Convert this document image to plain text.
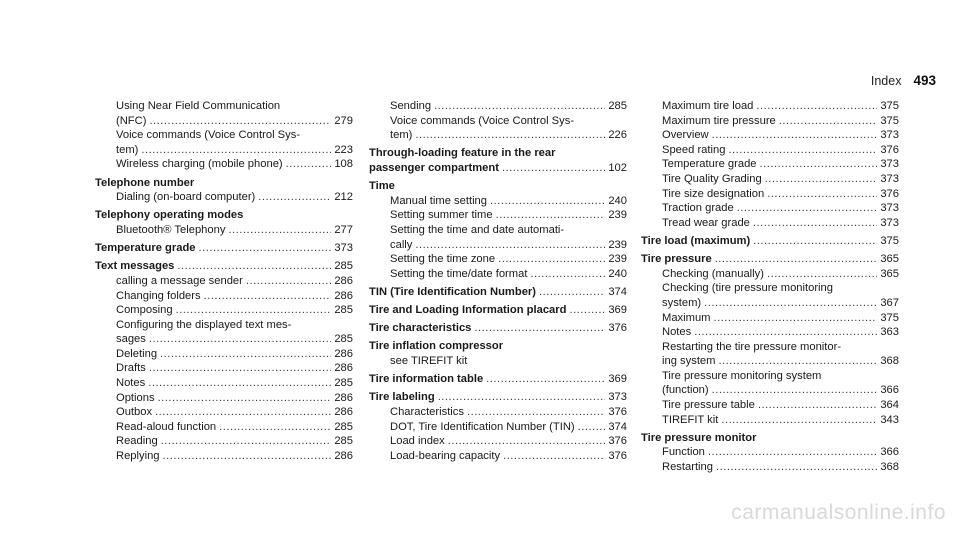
Index 493
Using Near Field Communication
(NFC) .....	279
Voice commands (Voice Control Sys-
tem) .....	223
Wireless charging (mobile phone) .....	108
Telephone number
Dialing (on-board computer) .....	212
Telephony operating modes
Bluetooth® Telephony .....	277
Temperature grade .....	373
Text messages .....	285
calling a message sender .....	286
Changing folders .....	286
Composing .....	285
Configuring the displayed text mes-
sages .....	285
Deleting .....	286
Drafts .....	286
Notes .....	285
Options .....	286
Outbox .....	286
Read-aloud function .....	285
Reading .....	285
Replying .....	286
Sending .....	285
Voice commands (Voice Control Sys-
tem) .....	226
Through-loading feature in the rear
passenger compartment .....	102
Time
Manual time setting .....	240
Setting summer time .....	239
Setting the time and date automati-
cally .....	239
Setting the time zone .....	239
Setting the time/date format .....	240
TIN (Tire Identification Number) .....	374
Tire and Loading Information placard .....	369
Tire characteristics .....	376
Tire inflation compressor
see TIREFIT kit
Tire information table .....	369
Tire labeling .....	373
Characteristics .....	376
DOT, Tire Identification Number (TIN) .....	374
Load index .....	376
Load-bearing capacity .....	376
Maximum tire load .....	375
Maximum tire pressure .....	375
Overview .....	373
Speed rating .....	376
Temperature grade .....	373
Tire Quality Grading .....	373
Tire size designation .....	376
Traction grade .....	373
Tread wear grade .....	373
Tire load (maximum) .....	375
Tire pressure .....	365
Checking (manually) .....	365
Checking (tire pressure monitoring
system) .....	367
Maximum .....	375
Notes .....	363
Restarting the tire pressure monitor-
ing system .....	368
Tire pressure monitoring system
(function) .....	366
Tire pressure table .....	364
TIREFIT kit .....	343
Tire pressure monitor
Function .....	366
Restarting .....	368
carmanualsonline.info
